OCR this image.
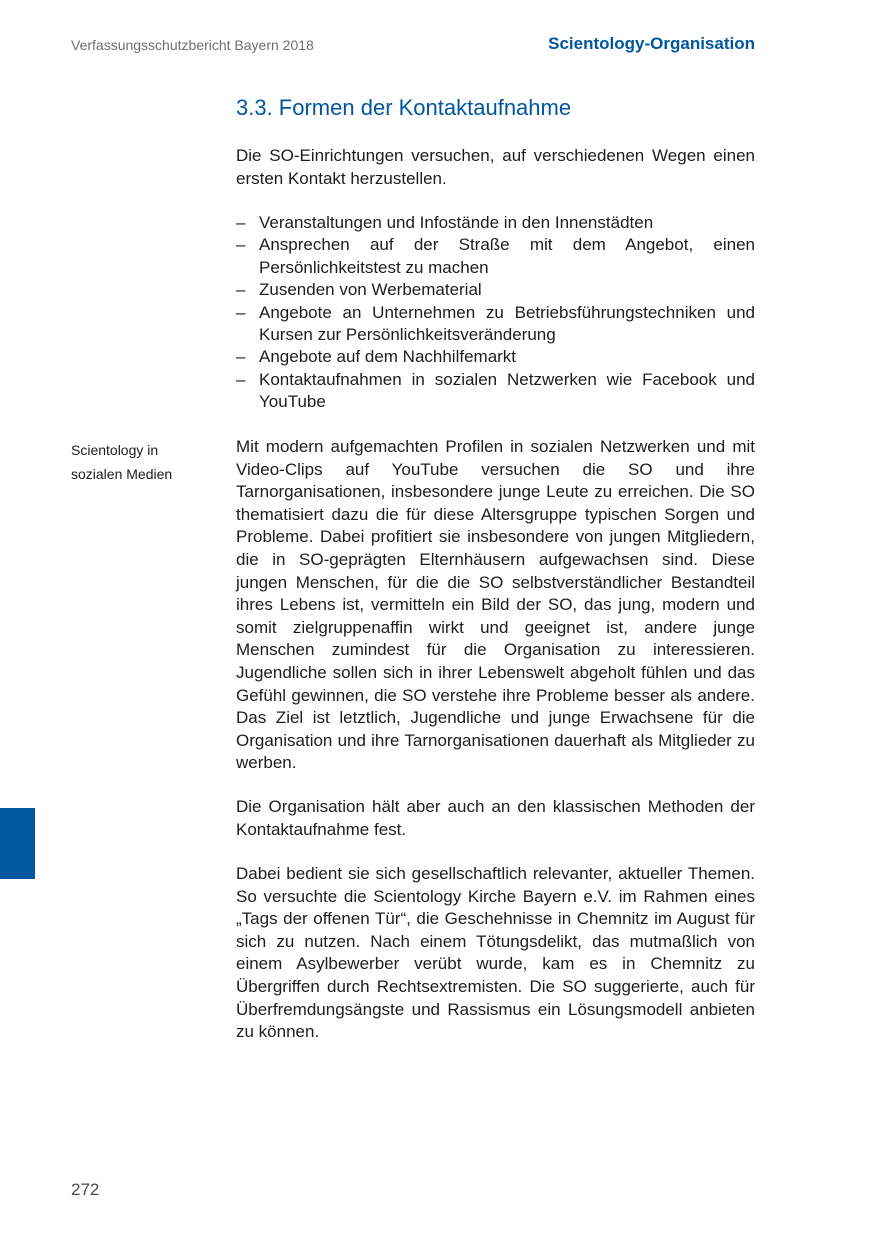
Verfassungsschutzbericht Bayern 2018	Scientology-Organisation
3.3. Formen der Kontaktaufnahme

Die SO-Einrichtungen versuchen, auf verschiedenen Wegen einen ersten Kontakt herzustellen.

– Veranstaltungen und Infostände in den Innenstädten
– Ansprechen auf der Straße mit dem Angebot, einen Persönlichkeitstest zu machen
– Zusenden von Werbematerial
– Angebote an Unternehmen zu Betriebsführungstechniken und Kursen zur Persönlichkeitsveränderung
– Angebote auf dem Nachhilfemarkt
– Kontaktaufnahmen in sozialen Netzwerken wie Facebook und YouTube
Scientology in
sozialen Medien

Mit modern aufgemachten Profilen in sozialen Netzwerken und mit Video-Clips auf YouTube versuchen die SO und ihre Tarnorganisationen, insbesondere junge Leute zu erreichen. Die SO thematisiert dazu die für diese Altersgruppe typischen Sorgen und Probleme. Dabei profitiert sie insbesondere von jungen Mitgliedern, die in SO-geprägten Elternhäusern aufgewachsen sind. Diese jungen Menschen, für die die SO selbstverständlicher Bestandteil ihres Lebens ist, vermitteln ein Bild der SO, das jung, modern und somit zielgruppenaffin wirkt und geeignet ist, andere junge Menschen zumindest für die Organisation zu interessieren. Jugendliche sollen sich in ihrer Lebenswelt abgeholt fühlen und das Gefühl gewinnen, die SO verstehe ihre Probleme besser als andere. Das Ziel ist letztlich, Jugendliche und junge Erwachsene für die Organisation und ihre Tarnorganisationen dauerhaft als Mitglieder zu werben.

Die Organisation hält aber auch an den klassischen Methoden der Kontaktaufnahme fest.

Dabei bedient sie sich gesellschaftlich relevanter, aktueller Themen. So versuchte die Scientology Kirche Bayern e.V. im Rahmen eines „Tags der offenen Tür“, die Geschehnisse in Chemnitz im August für sich zu nutzen. Nach einem Tötungsdelikt, das mutmaßlich von einem Asylbewerber verübt wurde, kam es in Chemnitz zu Übergriffen durch Rechtsextremisten. Die SO suggerierte, auch für Überfremdungsängste und Rassismus ein Lösungsmodell anbieten zu können.

272
